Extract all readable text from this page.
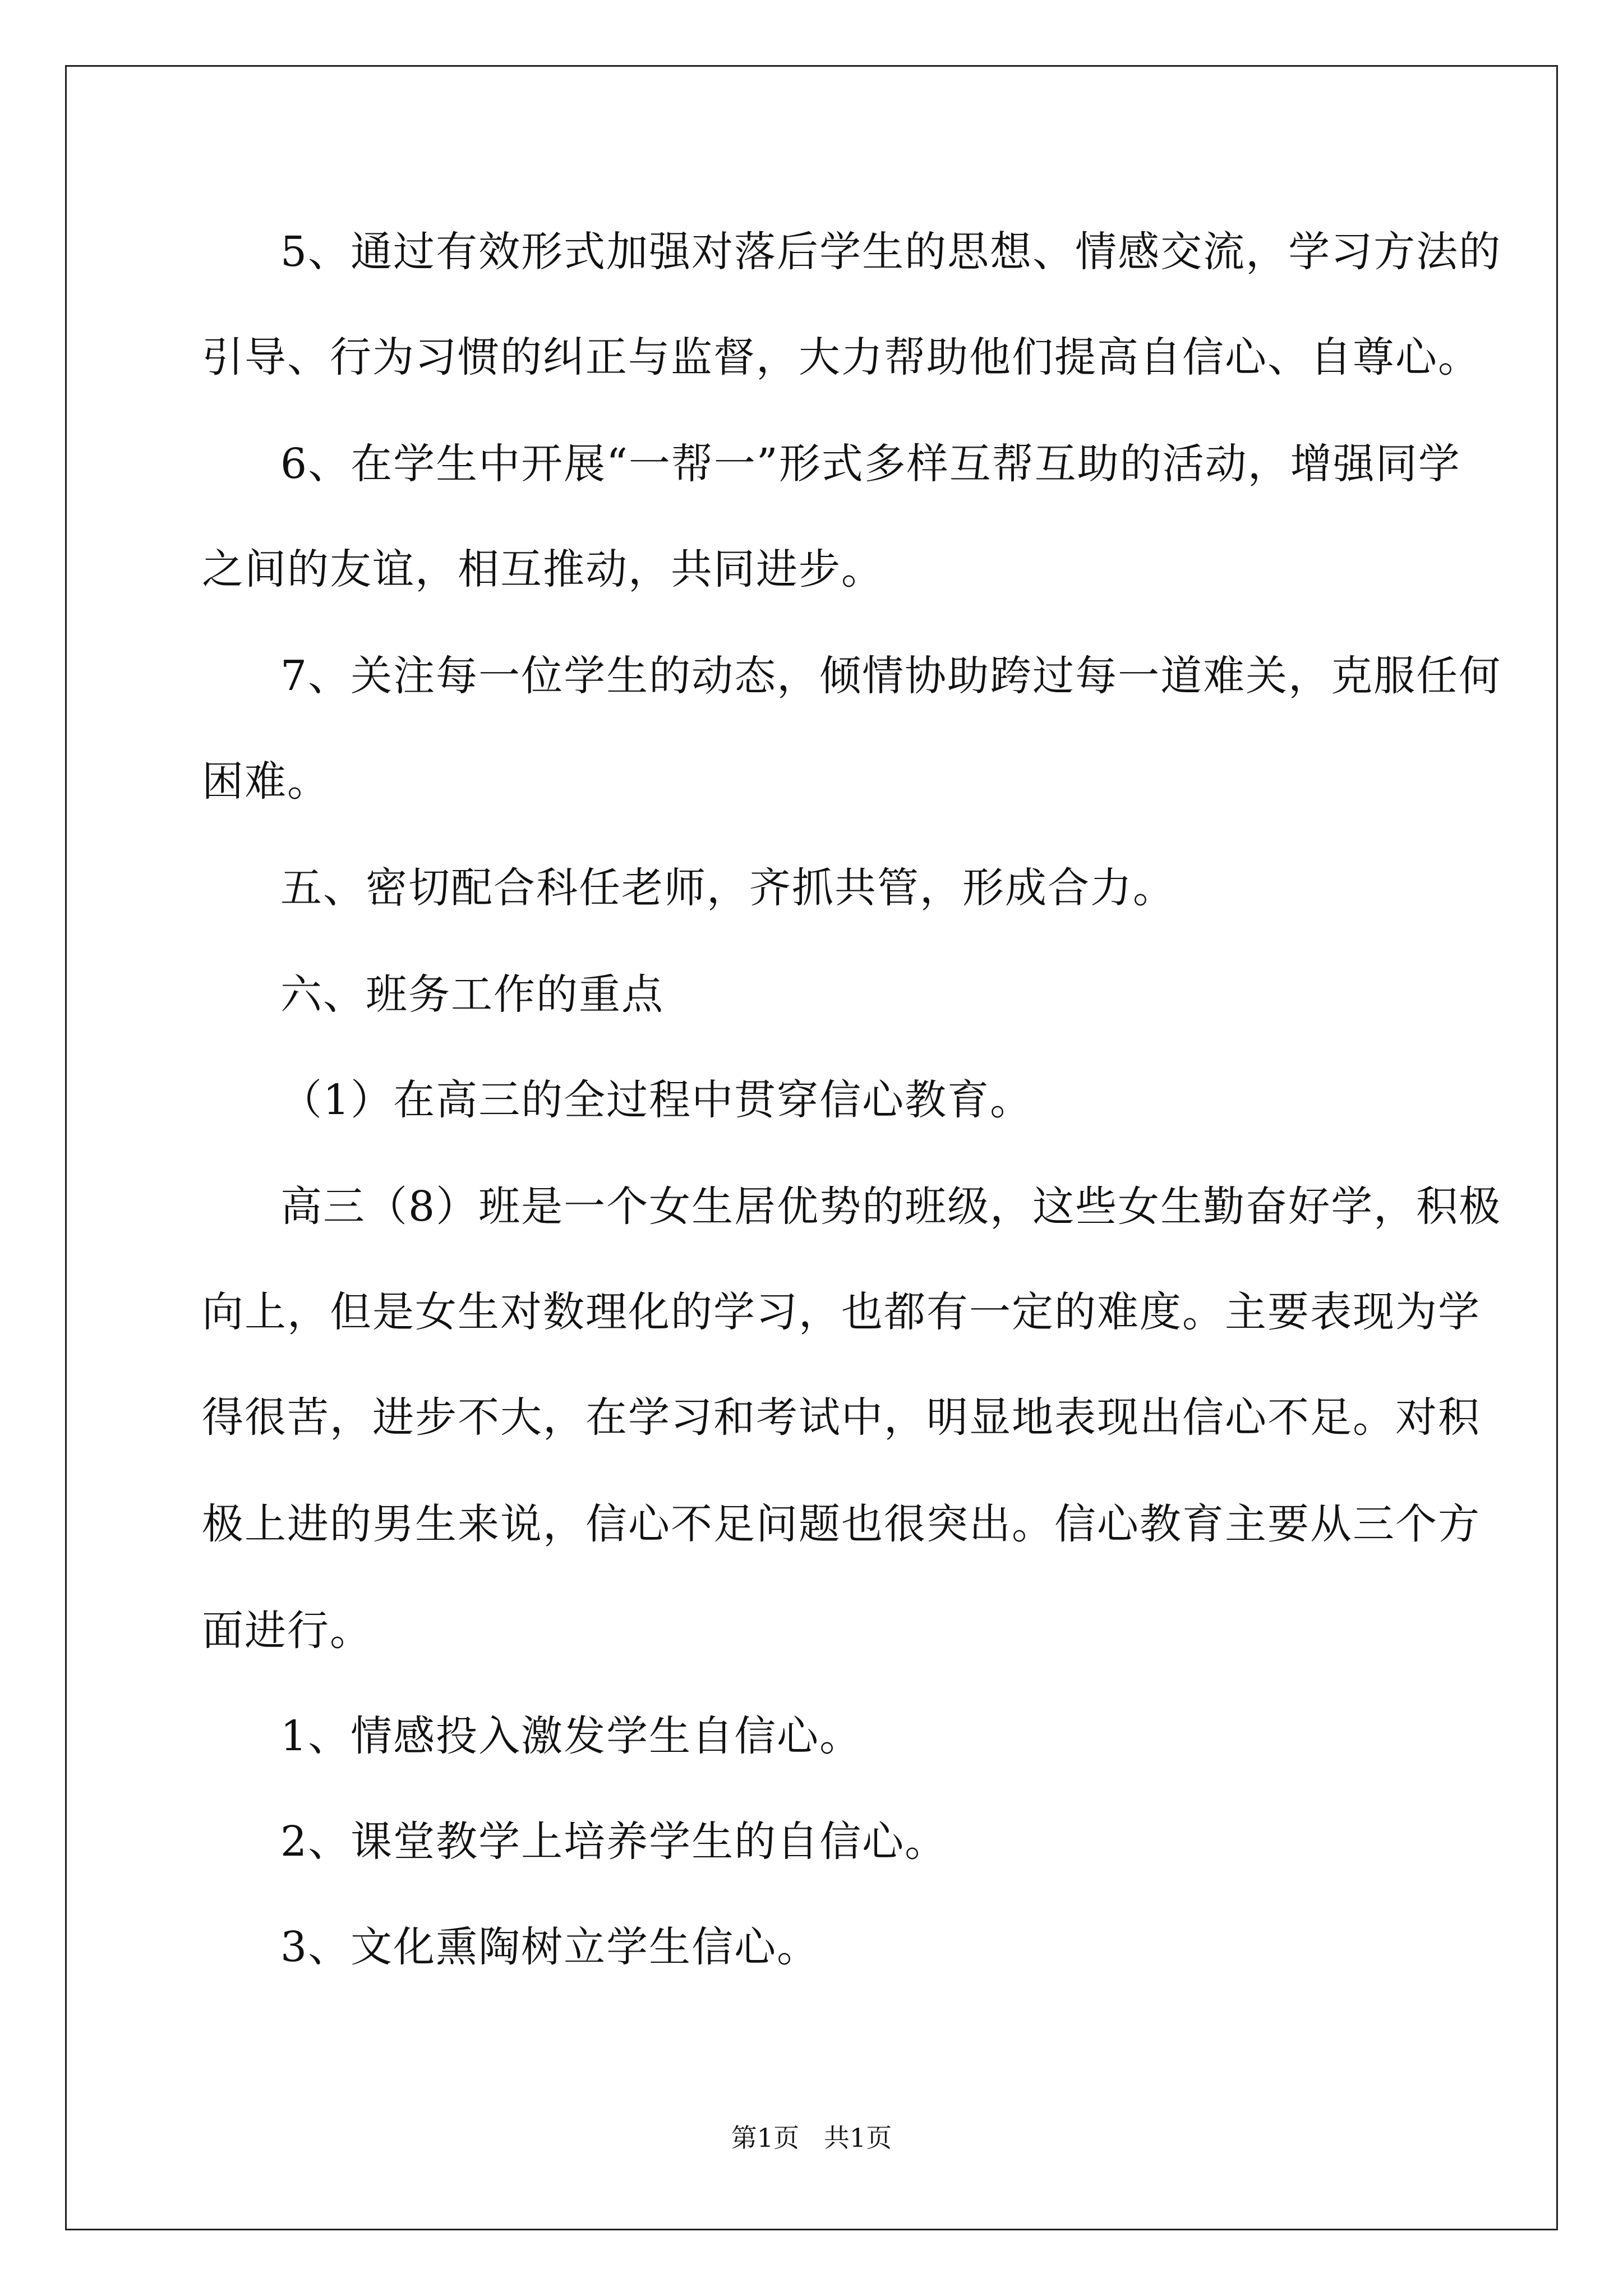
5、通过有效形式加强对落后学生的思想、情感交流，学习方法的
引导、行为习惯的纠正与监督，大力帮助他们提高自信心、自尊心。
6、在学生中开展“一帮一”形式多样互帮互助的活动，增强同学
之间的友谊，相互推动，共同进步。
7、关注每一位学生的动态，倾情协助跨过每一道难关，克服任何
困难。
五、密切配合科任老师，齐抓共管，形成合力。
六、班务工作的重点
（1）在高三的全过程中贯穿信心教育。
高三（8）班是一个女生居优势的班级，这些女生勤奋好学，积极
向上，但是女生对数理化的学习，也都有一定的难度。主要表现为学
得很苦，进步不大，在学习和考试中，明显地表现出信心不足。对积
极上进的男生来说，信心不足问题也很突出。信心教育主要从三个方
面进行。
1、情感投入激发学生自信心。
2、课堂教学上培养学生的自信心。
3、文化熏陶树立学生信心。
第1页   共1页
